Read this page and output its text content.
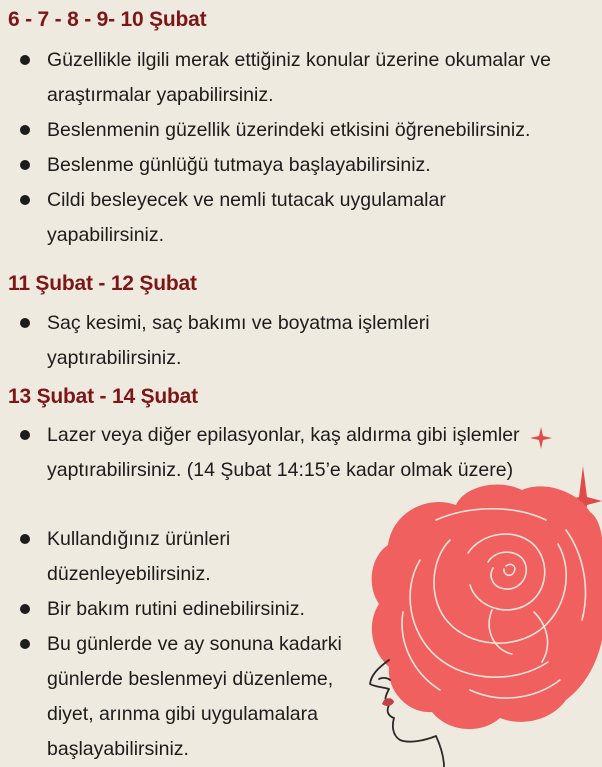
6 - 7 - 8 - 9- 10 Şubat
Güzellikle ilgili merak ettiğiniz konular üzerine okumalar ve araştırmalar yapabilirsiniz.
Beslenmenin güzellik üzerindeki etkisini öğrenebilirsiniz.
Beslenme günlüğü tutmaya başlayabilirsiniz.
Cildi besleyecek ve nemli tutacak uygulamalar yapabilirsiniz.
11 Şubat - 12 Şubat
Saç kesimi, saç bakımı ve boyatma işlemleri yaptırabilirsiniz.
13 Şubat - 14 Şubat
Lazer veya diğer epilasyonlar, kaş aldırma gibi işlemler yaptırabilirsiniz. (14 Şubat 14:15’e kadar olmak üzere)
Kullandığınız ürünleri düzenleyebilirsiniz.
Bir bakım rutini edinebilirsiniz.
Bu günlerde ve ay sonuna kadarki günlerde beslenmeyi düzenleme, diyet, arınma gibi uygulamalara başlayabilirsiniz.
